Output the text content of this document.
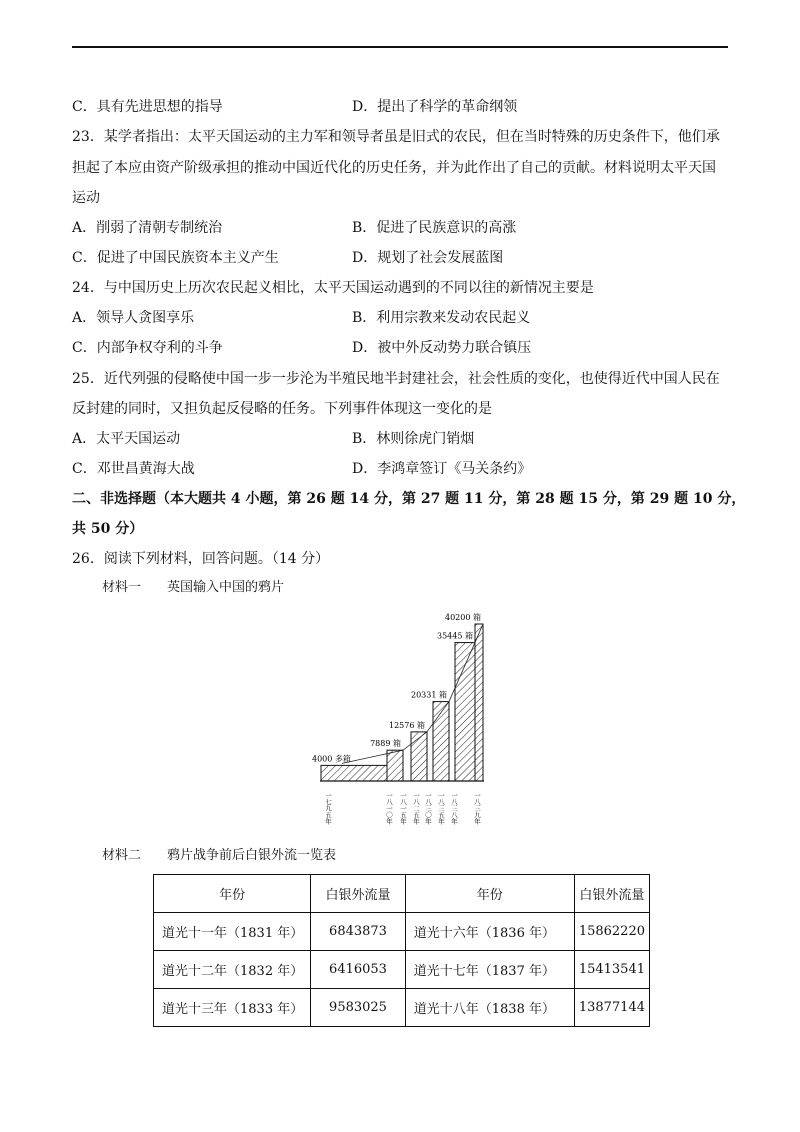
C．具有先进思想的指导	D．提出了科学的革命纲领
23．某学者指出：太平天国运动的主力军和领导者虽是旧式的农民，但在当时特殊的历史条件下，他们承
担起了本应由资产阶级承担的推动中国近代化的历史任务，并为此作出了自己的贡献。材料说明太平天国
运动
A．削弱了清朝专制统治	B．促进了民族意识的高涨
C．促进了中国民族资本主义产生	D．规划了社会发展蓝图
24．与中国历史上历次农民起义相比，太平天国运动遇到的不同以往的新情况主要是
A．领导人贪图享乐	B．利用宗教来发动农民起义
C．内部争权夺利的斗争	D．被中外反动势力联合镇压
25．近代列强的侵略使中国一步一步沦为半殖民地半封建社会，社会性质的变化，也使得近代中国人民在
反封建的同时，又担负起反侵略的任务。下列事件体现这一变化的是
A．太平天国运动	B．林则徐虎门销烟
C．邓世昌黄海大战	D．李鸿章签订《马关条约》
二、非选择题（本大题共 4 小题，第 26 题 14 分，第 27 题 11 分，第 28 题 15 分，第 29 题 10 分，
共 50 分）
26．阅读下列材料，回答问题。（14 分）
材料一　　英国输入中国的鸦片
4000 多箱
7889 箱
12576 箱
20331 箱
35445 箱
40200 箱
一七九五年	一八一〇年 一八一五年 一八二五年 一八三〇年 一八三五年 一八三八年 一八三九年
材料二　　鸦片战争前后白银外流一览表
年份	白银外流量	年份	白银外流量
道光十一年（1831 年）	6843873	道光十六年（1836 年）	15862220
道光十二年（1832 年）	6416053	道光十七年（1837 年）	15413541
道光十三年（1833 年）	9583025	道光十八年（1838 年）	13877144
